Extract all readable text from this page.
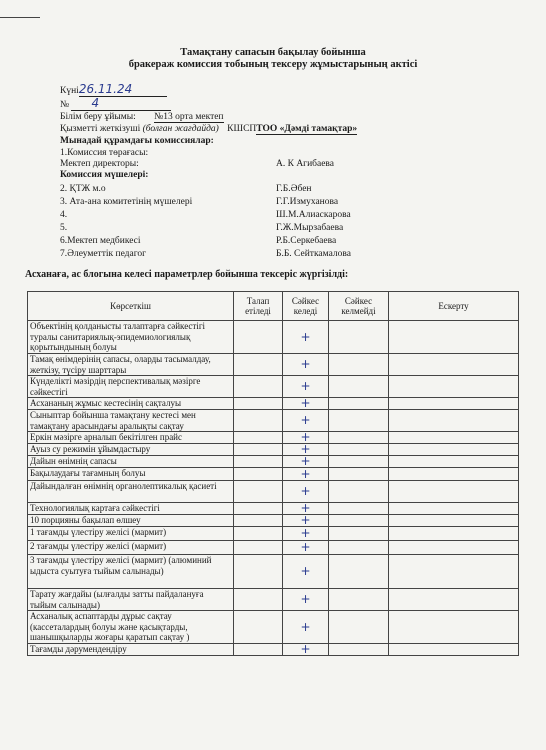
Тамақтану сапасын бақылау бойынша
бракераж комиссия тобының тексеру жұмыстарының актісі
Күні26.11.24
№ 4
Білім беру ұйымы: №13 орта мектеп
Қызметті жеткізуші (болған жағдайда) КШСПТОО «Дәмді тамақтар»
Мынадай құрамдағы комиссиялар:
1.Комиссия төрағасы:
Мектеп директоры:	А. К Агибаева
Комиссия мүшелері:
2. ҚТЖ м.о	Г.Б.Әбен
3. Ата-ана комитетінің мүшелері	Г.Г.Измуханова
4.	Ш.М.Алиаскарова
5.	Г.Ж.Мырзабаева
6.Мектеп медбикесі	Р.Б.Серкебаева
7.Әлеуметтік педагог	Б.Б. Сейткамалова
Асханаға, ас блогына келесі параметрлер бойынша тексеріс жүргізілді:
Көрсеткіш	Талап етіледі	Сәйкес келеді	Сәйкес келмейді	Ескерту
Объектінің қолданысты талаптарға сәйкестігі туралы санитариялық-эпидемиологиялық қорытындының болуы		+		
Тамақ өнімдерінің сапасы, оларды тасымалдау, жеткізу, түсіру шарттары		+		
Күнделікті мәзірдің перспективалық мәзірге сәйкестігі		+		
Асхананың жұмыс кестесінің сақталуы		+		
Сыныптар бойынша тамақтану кестесі мен тамақтану арасындағы аралықты сақтау		+		
Еркін мәзірге арналып бекітілген прайс		+		
Ауыз су режимін ұйымдастыру		+		
Дайын өнімнің сапасы		+		
Бақылаудағы тағамның болуы		+		
Дайындалған өнімнің органолептикалық қасиеті		+		
Технологиялық картаға сәйкестігі		+		
10 порцияны бақылап өлшеу		+		
1 тағамды үлестіру желісі (мармит)		+		
2 тағамды үлестіру желісі (мармит)		+		
3 тағамды үлестіру желісі (мармит) (алюминий ыдыста суытуға тыйым салынады)		+		
Тарату жағдайы (ылғалды затты пайдалануға тыйым салынады)		+		
Асханалық аспаптарды дұрыс сақтау (кассеталардың болуы және қасықтарды, шанышқыларды жоғары қаратып сақтау )		+		
Тағамды дәрумендендіру		+		
